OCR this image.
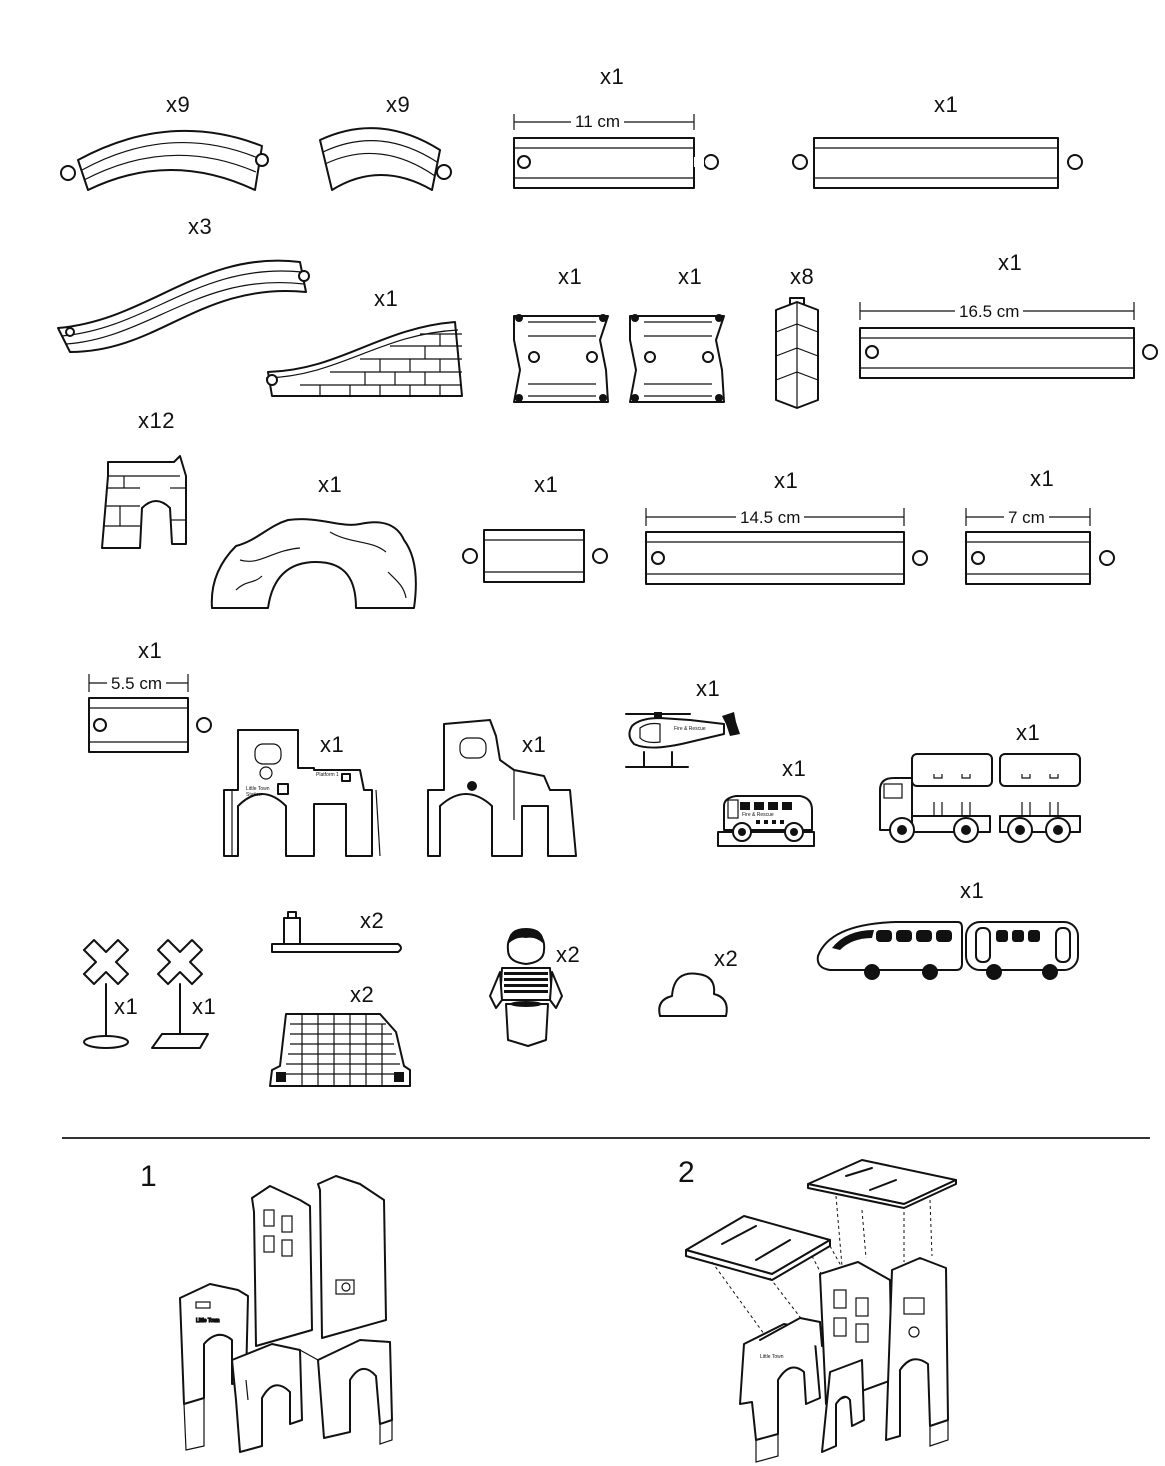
Little Town
Little Town
x9	x9
x1
11 cm
x1
x3
x1
x1	x1	x8
x1
16.5 cm
x12
x1	x1	x1
14.5 cm
x1
7 cm
x1
5.5 cm
x1	x1
x1
x1
x1
x1 x1
x2
x2
x2	x2
x1
Little Town Station
Platform 1
Fire & Rescue
Fire & Rescue
1	2
